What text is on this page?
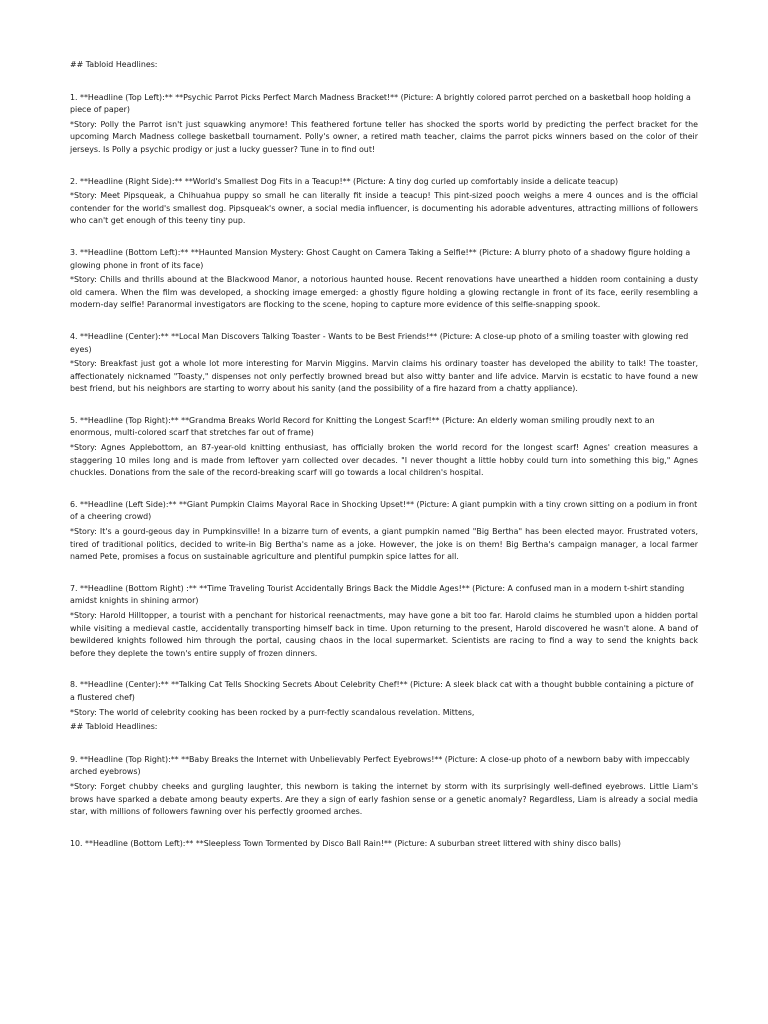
## Tabloid Headlines:

1. **Headline (Top Left):** **Psychic Parrot Picks Perfect March Madness Bracket!** (Picture: A brightly colored parrot perched on a basketball hoop holding a piece of paper)

*Story: Polly the Parrot isn't just squawking anymore! This feathered fortune teller has shocked the sports world by predicting the perfect bracket for the upcoming March Madness college basketball tournament. Polly's owner, a retired math teacher, claims the parrot picks winners based on the color of their jerseys. Is Polly a psychic prodigy or just a lucky guesser? Tune in to find out!

2. **Headline (Right Side):** **World's Smallest Dog Fits in a Teacup!** (Picture: A tiny dog curled up comfortably inside a delicate teacup)

*Story: Meet Pipsqueak, a Chihuahua puppy so small he can literally fit inside a teacup! This pint-sized pooch weighs a mere 4 ounces and is the official contender for the world's smallest dog. Pipsqueak's owner, a social media influencer, is documenting his adorable adventures, attracting millions of followers who can't get enough of this teeny tiny pup.

3. **Headline (Bottom Left):** **Haunted Mansion Mystery: Ghost Caught on Camera Taking a Selfie!** (Picture: A blurry photo of a shadowy figure holding a glowing phone in front of its face)

*Story: Chills and thrills abound at the Blackwood Manor, a notorious haunted house. Recent renovations have unearthed a hidden room containing a dusty old camera. When the film was developed, a shocking image emerged: a ghostly figure holding a glowing rectangle in front of its face, eerily resembling a modern-day selfie! Paranormal investigators are flocking to the scene, hoping to capture more evidence of this selfie-snapping spook.

4. **Headline (Center):** **Local Man Discovers Talking Toaster - Wants to be Best Friends!** (Picture: A close-up photo of a smiling toaster with glowing red eyes)

*Story: Breakfast just got a whole lot more interesting for Marvin Miggins. Marvin claims his ordinary toaster has developed the ability to talk! The toaster, affectionately nicknamed "Toasty," dispenses not only perfectly browned bread but also witty banter and life advice. Marvin is ecstatic to have found a new best friend, but his neighbors are starting to worry about his sanity (and the possibility of a fire hazard from a chatty appliance).

5. **Headline (Top Right):** **Grandma Breaks World Record for Knitting the Longest Scarf!** (Picture: An elderly woman smiling proudly next to an enormous, multi-colored scarf that stretches far out of frame)

*Story: Agnes Applebottom, an 87-year-old knitting enthusiast, has officially broken the world record for the longest scarf! Agnes' creation measures a staggering 10 miles long and is made from leftover yarn collected over decades. "I never thought a little hobby could turn into something this big," Agnes chuckles. Donations from the sale of the record-breaking scarf will go towards a local children's hospital.

6. **Headline (Left Side):** **Giant Pumpkin Claims Mayoral Race in Shocking Upset!** (Picture: A giant pumpkin with a tiny crown sitting on a podium in front of a cheering crowd)

*Story: It's a gourd-geous day in Pumpkinsville! In a bizarre turn of events, a giant pumpkin named "Big Bertha" has been elected mayor. Frustrated voters, tired of traditional politics, decided to write-in Big Bertha's name as a joke. However, the joke is on them! Big Bertha's campaign manager, a local farmer named Pete, promises a focus on sustainable agriculture and plentiful pumpkin spice lattes for all.

7. **Headline (Bottom Right) :** **Time Traveling Tourist Accidentally Brings Back the Middle Ages!** (Picture: A confused man in a modern t-shirt standing amidst knights in shining armor)

*Story: Harold Hilltopper, a tourist with a penchant for historical reenactments, may have gone a bit too far. Harold claims he stumbled upon a hidden portal while visiting a medieval castle, accidentally transporting himself back in time. Upon returning to the present, Harold discovered he wasn't alone. A band of bewildered knights followed him through the portal, causing chaos in the local supermarket. Scientists are racing to find a way to send the knights back before they deplete the town's entire supply of frozen dinners.

8. **Headline (Center):** **Talking Cat Tells Shocking Secrets About Celebrity Chef!** (Picture: A sleek black cat with a thought bubble containing a picture of a flustered chef)

*Story: The world of celebrity cooking has been rocked by a purr-fectly scandalous revelation. Mittens,

## Tabloid Headlines:

9. **Headline (Top Right):** **Baby Breaks the Internet with Unbelievably Perfect Eyebrows!** (Picture: A close-up photo of a newborn baby with impeccably arched eyebrows)

*Story: Forget chubby cheeks and gurgling laughter, this newborn is taking the internet by storm with its surprisingly well-defined eyebrows. Little Liam's brows have sparked a debate among beauty experts. Are they a sign of early fashion sense or a genetic anomaly? Regardless, Liam is already a social media star, with millions of followers fawning over his perfectly groomed arches.

10. **Headline (Bottom Left):** **Sleepless Town Tormented by Disco Ball Rain!** (Picture: A suburban street littered with shiny disco balls)
